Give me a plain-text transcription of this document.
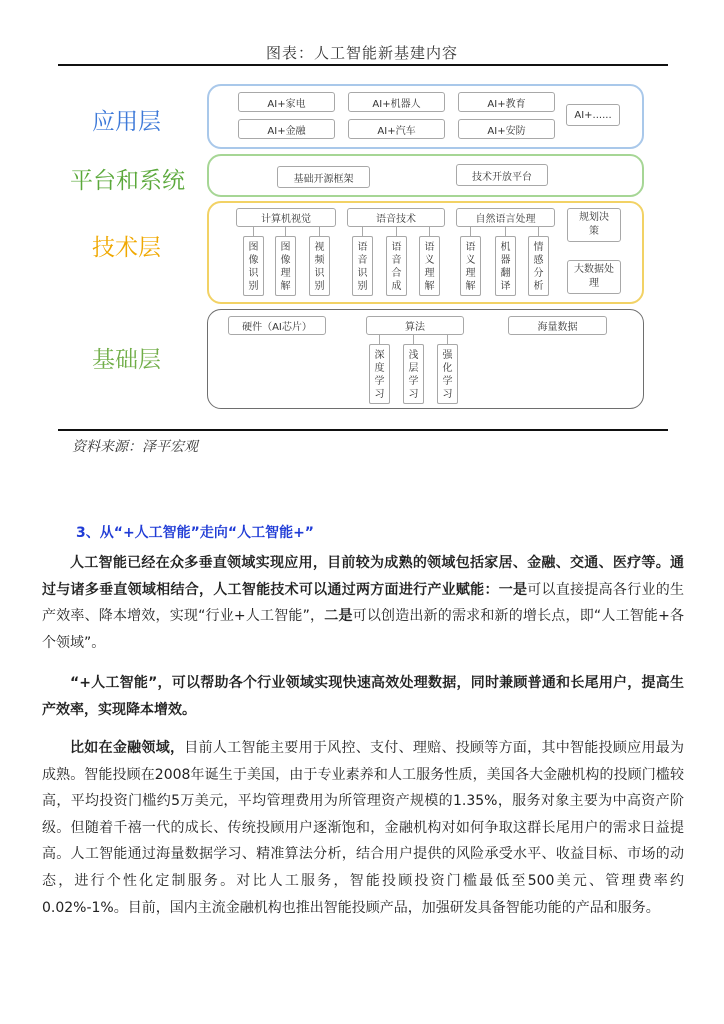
图表：人工智能新基建内容
应用层
平台和系统
技术层
基础层
AI+家电	AI+机器人	AI+教育
AI+金融	AI+汽车	AI+安防
AI+......
基础开源框架	技术开放平台
计算机视觉
图像识别
图像理解
视频识别
语音技术
语音识别
语音合成
语义理解
自然语言处理
语义理解
机器翻译
情感分析
规划决策
大数据处理
硬件（AI芯片）	算法	海量数据
深度学习
浅层学习
强化学习
资料来源：泽平宏观
3、从“+人工智能”走向“人工智能+”

人工智能已经在众多垂直领域实现应用，目前较为成熟的领域包括家居、金融、交通、医疗等。通过与诸多垂直领域相结合，人工智能技术可以通过两方面进行产业赋能：一是可以直接提高各行业的生产效率、降本增效，实现“行业+人工智能”，二是可以创造出新的需求和新的增长点，即“人工智能+各个领域”。

“+人工智能”，可以帮助各个行业领域实现快速高效处理数据，同时兼顾普通和长尾用户，提高生产效率，实现降本增效。

比如在金融领域，目前人工智能主要用于风控、支付、理赔、投顾等方面，其中智能投顾应用最为成熟。智能投顾在2008年诞生于美国，由于专业素养和人工服务性质，美国各大金融机构的投顾门槛较高，平均投资门槛约5万美元，平均管理费用为所管理资产规模的1.35%，服务对象主要为中高资产阶级。但随着千禧一代的成长、传统投顾用户逐渐饱和，金融机构对如何争取这群长尾用户的需求日益提高。人工智能通过海量数据学习、精准算法分析，结合用户提供的风险承受水平、收益目标、市场的动态，进行个性化定制服务。对比人工服务，智能投顾投资门槛最低至500美元、管理费率约0.02%-1%。目前，国内主流金融机构也推出智能投顾产品，加强研发具备智能功能的产品和服务。
